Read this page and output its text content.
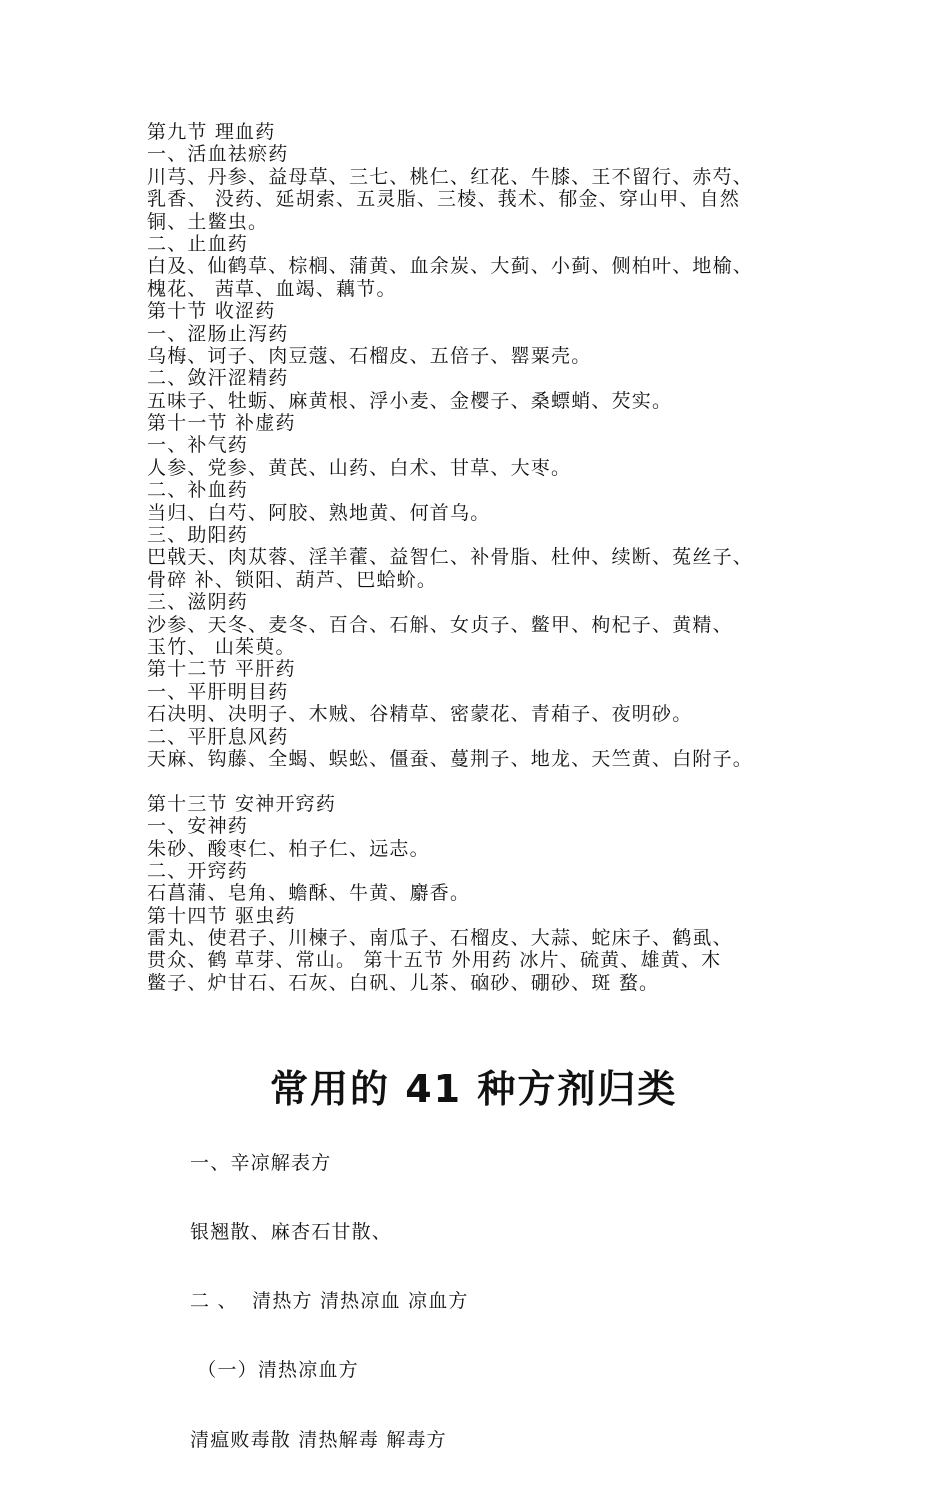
第九节 理血药
一、活血祛瘀药
川芎、丹参、益母草、三七、桃仁、红花、牛膝、王不留行、赤芍、
乳香、 没药、延胡索、五灵脂、三棱、莪术、郁金、穿山甲、自然
铜、土鳖虫。
二、止血药
白及、仙鹤草、棕榈、蒲黄、血余炭、大蓟、小蓟、侧柏叶、地榆、
槐花、 茜草、血竭、藕节。
第十节 收涩药
一、涩肠止泻药
乌梅、诃子、肉豆蔻、石榴皮、五倍子、罂粟壳。
二、敛汗涩精药
五味子、牡蛎、麻黄根、浮小麦、金樱子、桑螵蛸、芡实。
第十一节 补虚药
一、补气药
人参、党参、黄芪、山药、白术、甘草、大枣。
二、补血药
当归、白芍、阿胶、熟地黄、何首乌。
三、助阳药
巴戟天、肉苁蓉、淫羊藿、益智仁、补骨脂、杜仲、续断、菟丝子、
骨碎 补、锁阳、葫芦、巴蛤蚧。
三、滋阴药
沙参、天冬、麦冬、百合、石斛、女贞子、鳖甲、枸杞子、黄精、
玉竹、 山茱萸。
第十二节 平肝药
一、平肝明目药
石决明、决明子、木贼、谷精草、密蒙花、青葙子、夜明砂。
二、平肝息风药
天麻、钩藤、全蝎、蜈蚣、僵蚕、蔓荆子、地龙、天竺黄、白附子。
第十三节 安神开窍药
一、安神药
朱砂、酸枣仁、柏子仁、远志。
二、开窍药
石菖蒲、皂角、蟾酥、牛黄、麝香。
第十四节 驱虫药
雷丸、使君子、川楝子、南瓜子、石榴皮、大蒜、蛇床子、鹤虱、
贯众、鹤 草芽、常山。 第十五节 外用药 冰片、硫黄、雄黄、木
鳖子、炉甘石、石灰、白矾、儿茶、硇砂、硼砂、斑 蝥。
常用的 41 种方剂归类

一、辛凉解表方

银翘散、麻杏石甘散、

二 、  清热方 清热凉血 凉血方

（一）清热凉血方

清瘟败毒散 清热解毒 解毒方
